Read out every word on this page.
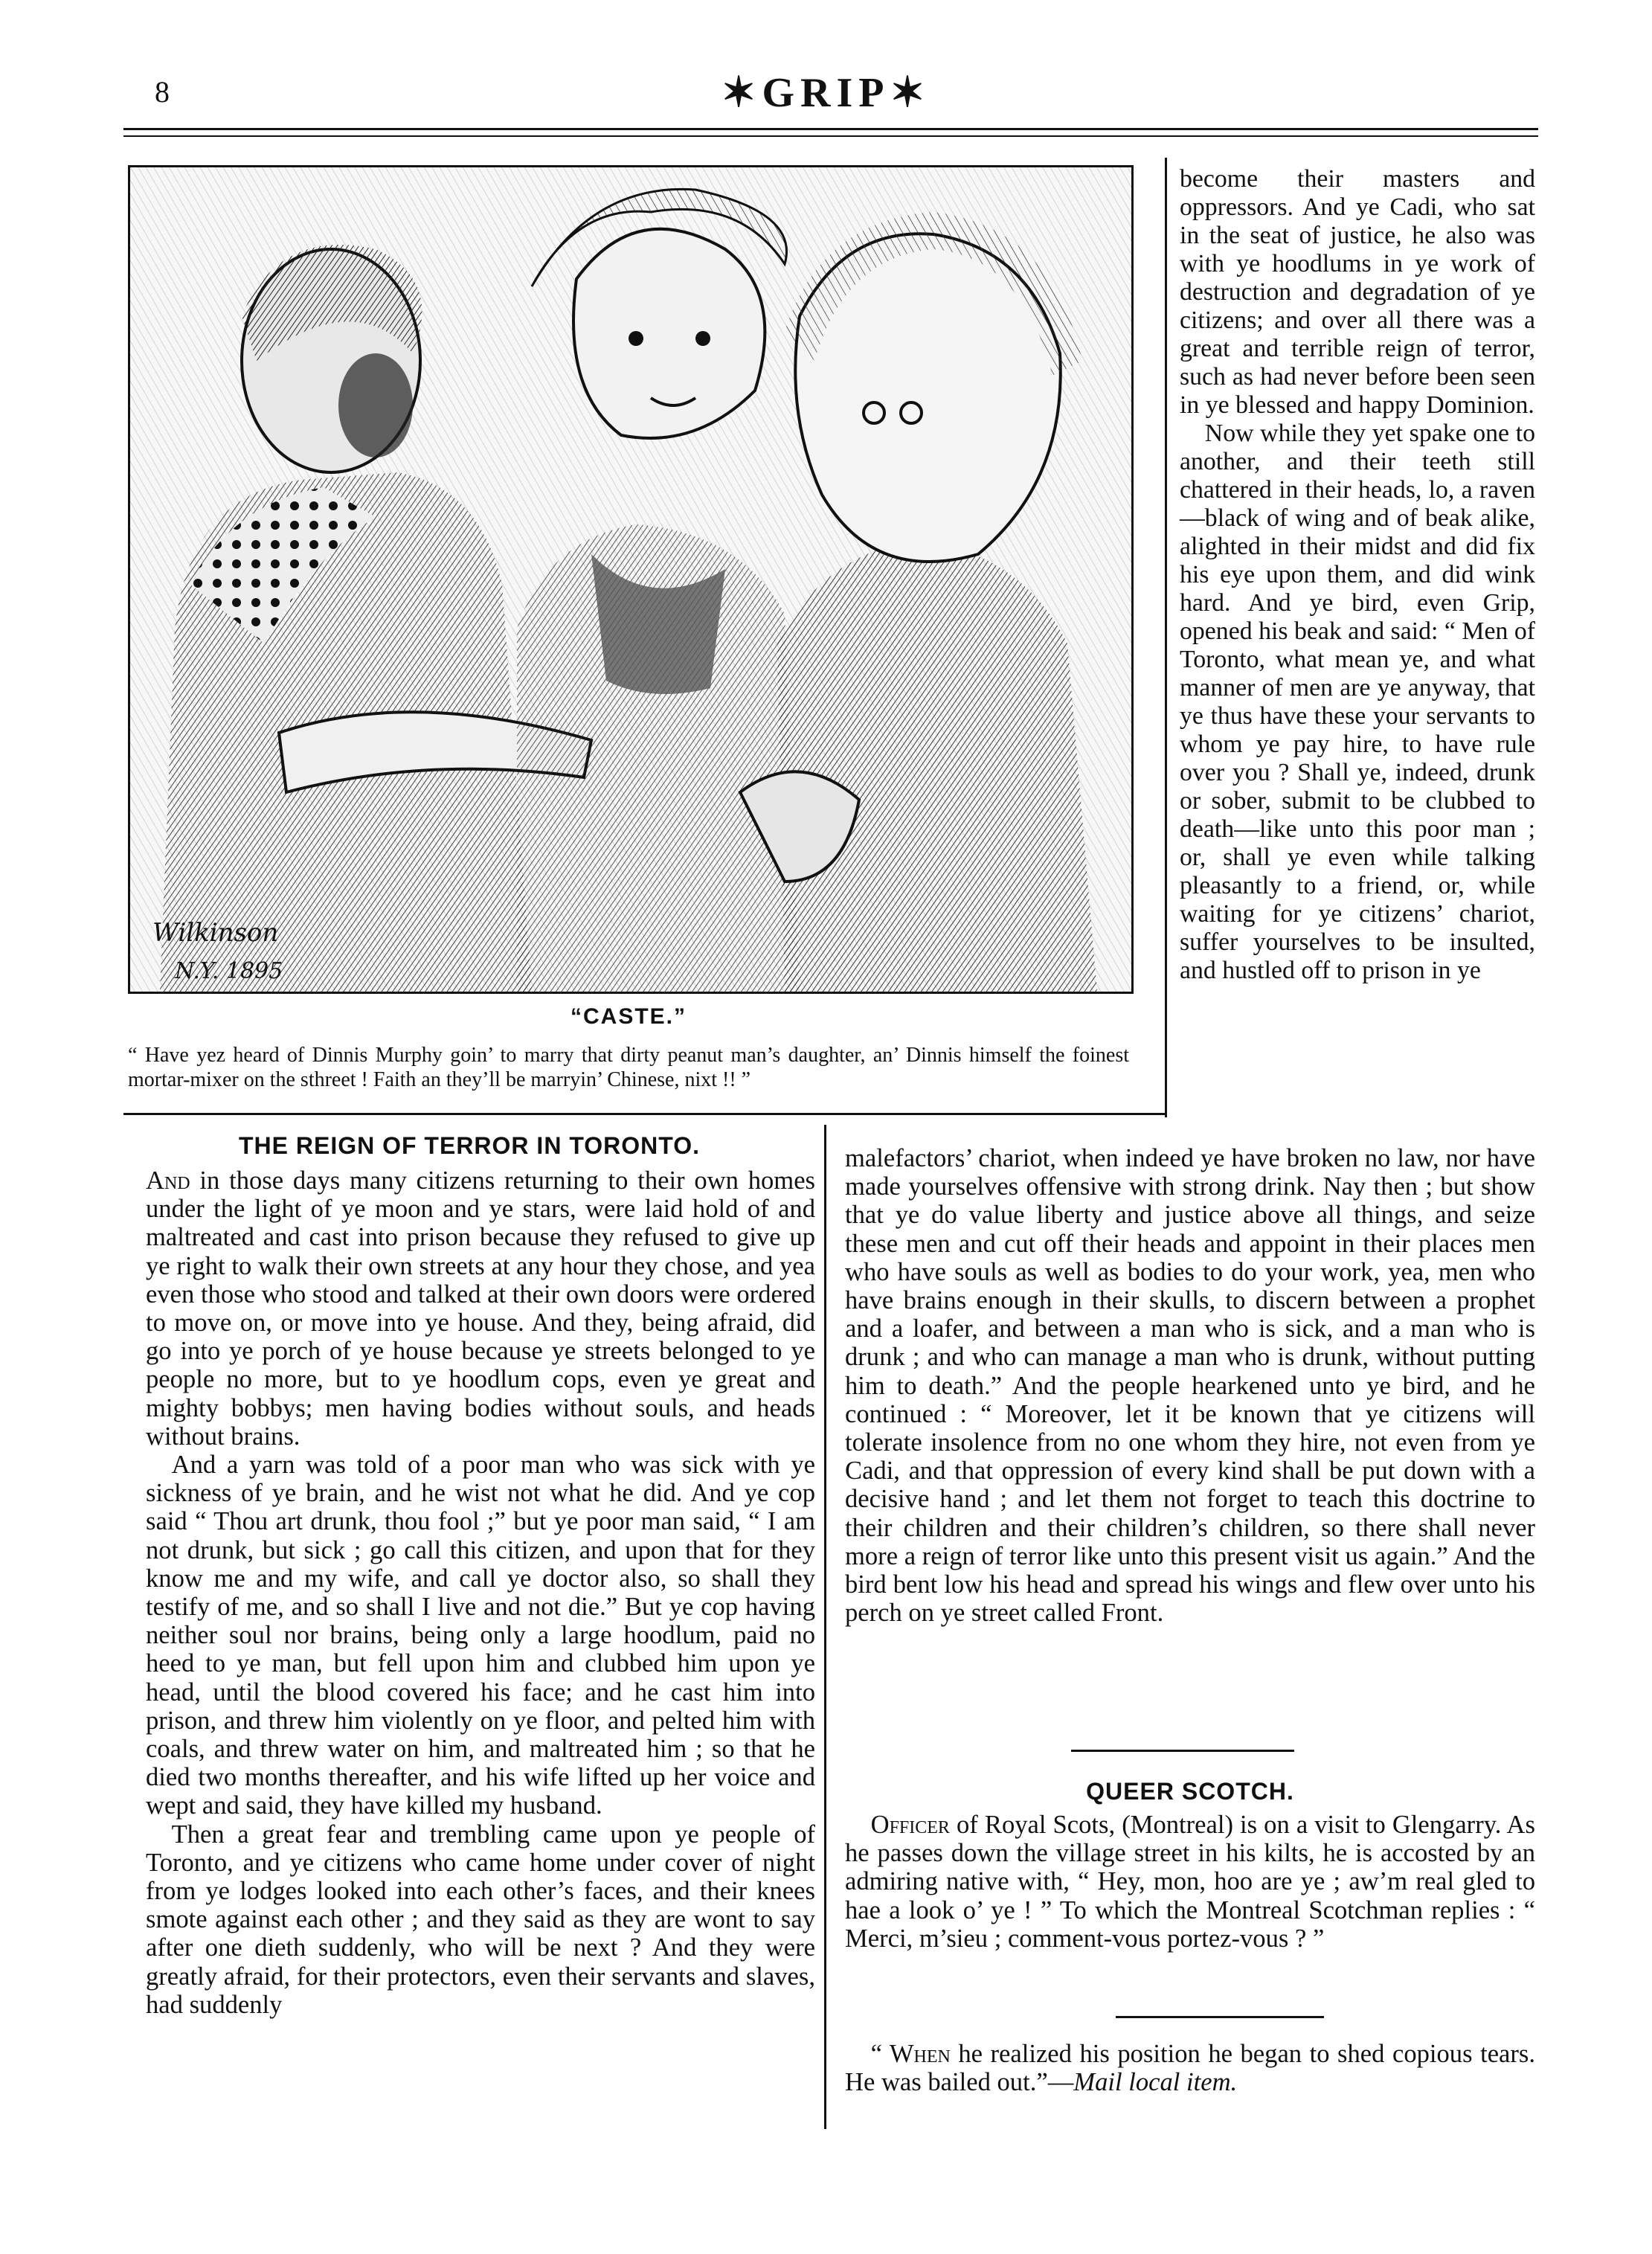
8	✶GRIP✶
Wilkinson
N.Y. 1895
“CASTE.”
“ Have yez heard of Dinnis Murphy goin’ to marry that dirty peanut man’s daughter, an’ Dinnis himself the foinest mortar-mixer on the sthreet ! Faith an they’ll be marryin’ Chinese, nixt !! ”

become their masters and oppressors. And ye Cadi, who sat in the seat of justice, he also was with ye hoodlums in ye work of destruction and degradation of ye citizens; and over all there was a great and terrible reign of terror, such as had never before been seen in ye blessed and happy Dominion.

Now while they yet spake one to another, and their teeth still chattered in their heads, lo, a raven—black of wing and of beak alike, alighted in their midst and did fix his eye upon them, and did wink hard. And ye bird, even Grip, opened his beak and said: “ Men of Toronto, what mean ye, and what manner of men are ye anyway, that ye thus have these your servants to whom ye pay hire, to have rule over you ? Shall ye, indeed, drunk or sober, submit to be clubbed to death—like unto this poor man ; or, shall ye even while talking pleasantly to a friend, or, while waiting for ye citizens’ chariot, suffer yourselves to be insulted, and hustled off to prison in ye

THE REIGN OF TERROR IN TORONTO.

And in those days many citizens returning to their own homes under the light of ye moon and ye stars, were laid hold of and maltreated and cast into prison because they refused to give up ye right to walk their own streets at any hour they chose, and yea even those who stood and talked at their own doors were ordered to move on, or move into ye house. And they, being afraid, did go into ye porch of ye house because ye streets belonged to ye people no more, but to ye hoodlum cops, even ye great and mighty bobbys; men having bodies without souls, and heads without brains.

And a yarn was told of a poor man who was sick with ye sickness of ye brain, and he wist not what he did. And ye cop said “ Thou art drunk, thou fool ;” but ye poor man said, “ I am not drunk, but sick ; go call this citizen, and upon that for they know me and my wife, and call ye doctor also, so shall they testify of me, and so shall I live and not die.” But ye cop having neither soul nor brains, being only a large hoodlum, paid no heed to ye man, but fell upon him and clubbed him upon ye head, until the blood covered his face; and he cast him into prison, and threw him violently on ye floor, and pelted him with coals, and threw water on him, and maltreated him ; so that he died two months thereafter, and his wife lifted up her voice and wept and said, they have killed my husband.

Then a great fear and trembling came upon ye people of Toronto, and ye citizens who came home under cover of night from ye lodges looked into each other’s faces, and their knees smote against each other ; and they said as they are wont to say after one dieth suddenly, who will be next ? And they were greatly afraid, for their protectors, even their servants and slaves, had suddenly

malefactors’ chariot, when indeed ye have broken no law, nor have made yourselves offensive with strong drink. Nay then ; but show that ye do value liberty and justice above all things, and seize these men and cut off their heads and appoint in their places men who have souls as well as bodies to do your work, yea, men who have brains enough in their skulls, to discern between a prophet and a loafer, and between a man who is sick, and a man who is drunk ; and who can manage a man who is drunk, without putting him to death.” And the people hearkened unto ye bird, and he continued : “ Moreover, let it be known that ye citizens will tolerate insolence from no one whom they hire, not even from ye Cadi, and that oppression of every kind shall be put down with a decisive hand ; and let them not forget to teach this doctrine to their children and their children’s children, so there shall never more a reign of terror like unto this present visit us again.” And the bird bent low his head and spread his wings and flew over unto his perch on ye street called Front.

QUEER SCOTCH.

Officer of Royal Scots, (Montreal) is on a visit to Glengarry. As he passes down the village street in his kilts, he is accosted by an admiring native with, “ Hey, mon, hoo are ye ; aw’m real gled to hae a look o’ ye ! ” To which the Montreal Scotchman replies : “ Merci, m’sieu ; comment-vous portez-vous ? ”

“ When he realized his position he began to shed copious tears. He was bailed out.”—Mail local item.
